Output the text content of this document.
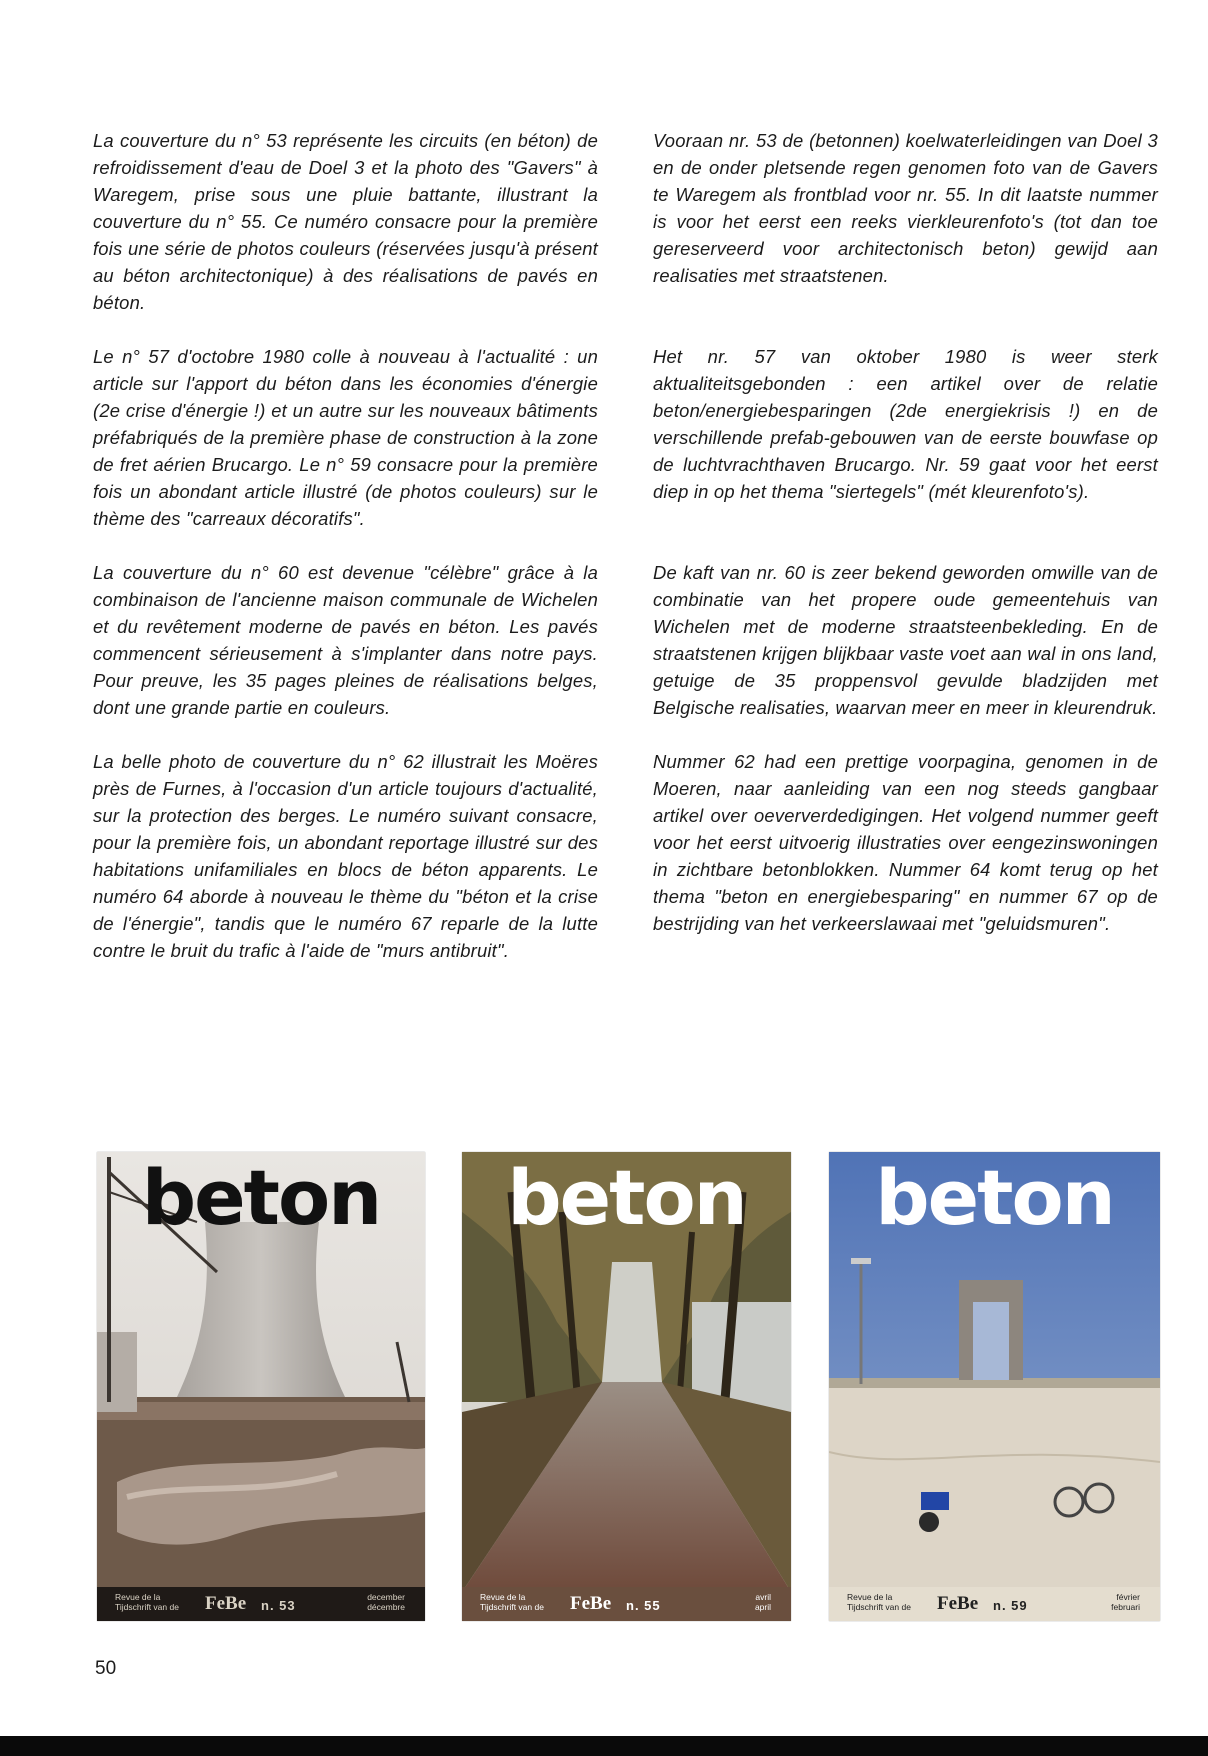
La couverture du n° 53 représente les circuits (en béton) de refroidissement d'eau de Doel 3 et la photo des "Gavers" à Waregem, prise sous une pluie battante, illustrant la couverture du n° 55. Ce numéro consacre pour la première fois une série de photos couleurs (réservées jusqu'à présent au béton architectonique) à des réalisations de pavés en béton.

Le n° 57 d'octobre 1980 colle à nouveau à l'actualité : un article sur l'apport du béton dans les économies d'énergie (2e crise d'énergie !) et un autre sur les nouveaux bâtiments préfabriqués de la première phase de construction à la zone de fret aérien Brucargo. Le n° 59 consacre pour la première fois un abondant article illustré (de photos couleurs) sur le thème des "carreaux décoratifs".

La couverture du n° 60 est devenue "célèbre" grâce à la combinaison de l'ancienne maison communale de Wichelen et du revêtement moderne de pavés en béton. Les pavés commencent sérieusement à s'implanter dans notre pays. Pour preuve, les 35 pages pleines de réalisations belges, dont une grande partie en couleurs.

La belle photo de couverture du n° 62 illustrait les Moëres près de Furnes, à l'occasion d'un article toujours d'actualité, sur la protection des berges. Le numéro suivant consacre, pour la première fois, un abondant reportage illustré sur des habitations unifamiliales en blocs de béton apparents. Le numéro 64 aborde à nouveau le thème du "béton et la crise de l'énergie", tandis que le numéro 67 reparle de la lutte contre le bruit du trafic à l'aide de "murs antibruit".

Vooraan nr. 53 de (betonnen) koelwaterleidingen van Doel 3 en de onder pletsende regen genomen foto van de Gavers te Waregem als frontblad voor nr. 55. In dit laatste nummer is voor het eerst een reeks vierkleurenfoto's (tot dan toe gereserveerd voor architectonisch beton) gewijd aan realisaties met straatstenen.

Het nr. 57 van oktober 1980 is weer sterk aktualiteitsgebonden : een artikel over de relatie beton/energiebesparingen (2de energiekrisis !) en de verschillende prefab-gebouwen van de eerste bouwfase op de luchtvrachthaven Brucargo. Nr. 59 gaat voor het eerst diep in op het thema "siertegels" (mét kleurenfoto's).

De kaft van nr. 60 is zeer bekend geworden omwille van de combinatie van het propere oude gemeentehuis van Wichelen met de moderne straatsteenbekleding. En de straatstenen krijgen blijkbaar vaste voet aan wal in ons land, getuige de 35 proppensvol gevulde bladzijden met Belgische realisaties, waarvan meer en meer in kleurendruk.

Nummer 62 had een prettige voorpagina, genomen in de Moeren, naar aanleiding van een nog steeds gangbaar artikel over oeververdedigingen. Het volgend nummer geeft voor het eerst uitvoerig illustraties over eengezinswoningen in zichtbare betonblokken. Nummer 64 komt terug op het thema "beton en energiebesparing" en nummer 67 op de bestrijding van het verkeerslawaai met "geluidsmuren".

beton
Revue de la
Tijdschrift van de FeBe n. 53
december
décembre
beton
Revue de la
Tijdschrift van de FeBe n. 55
avril
april
beton
Revue de la
Tijdschrift van de FeBe n. 59
février
februari
50
